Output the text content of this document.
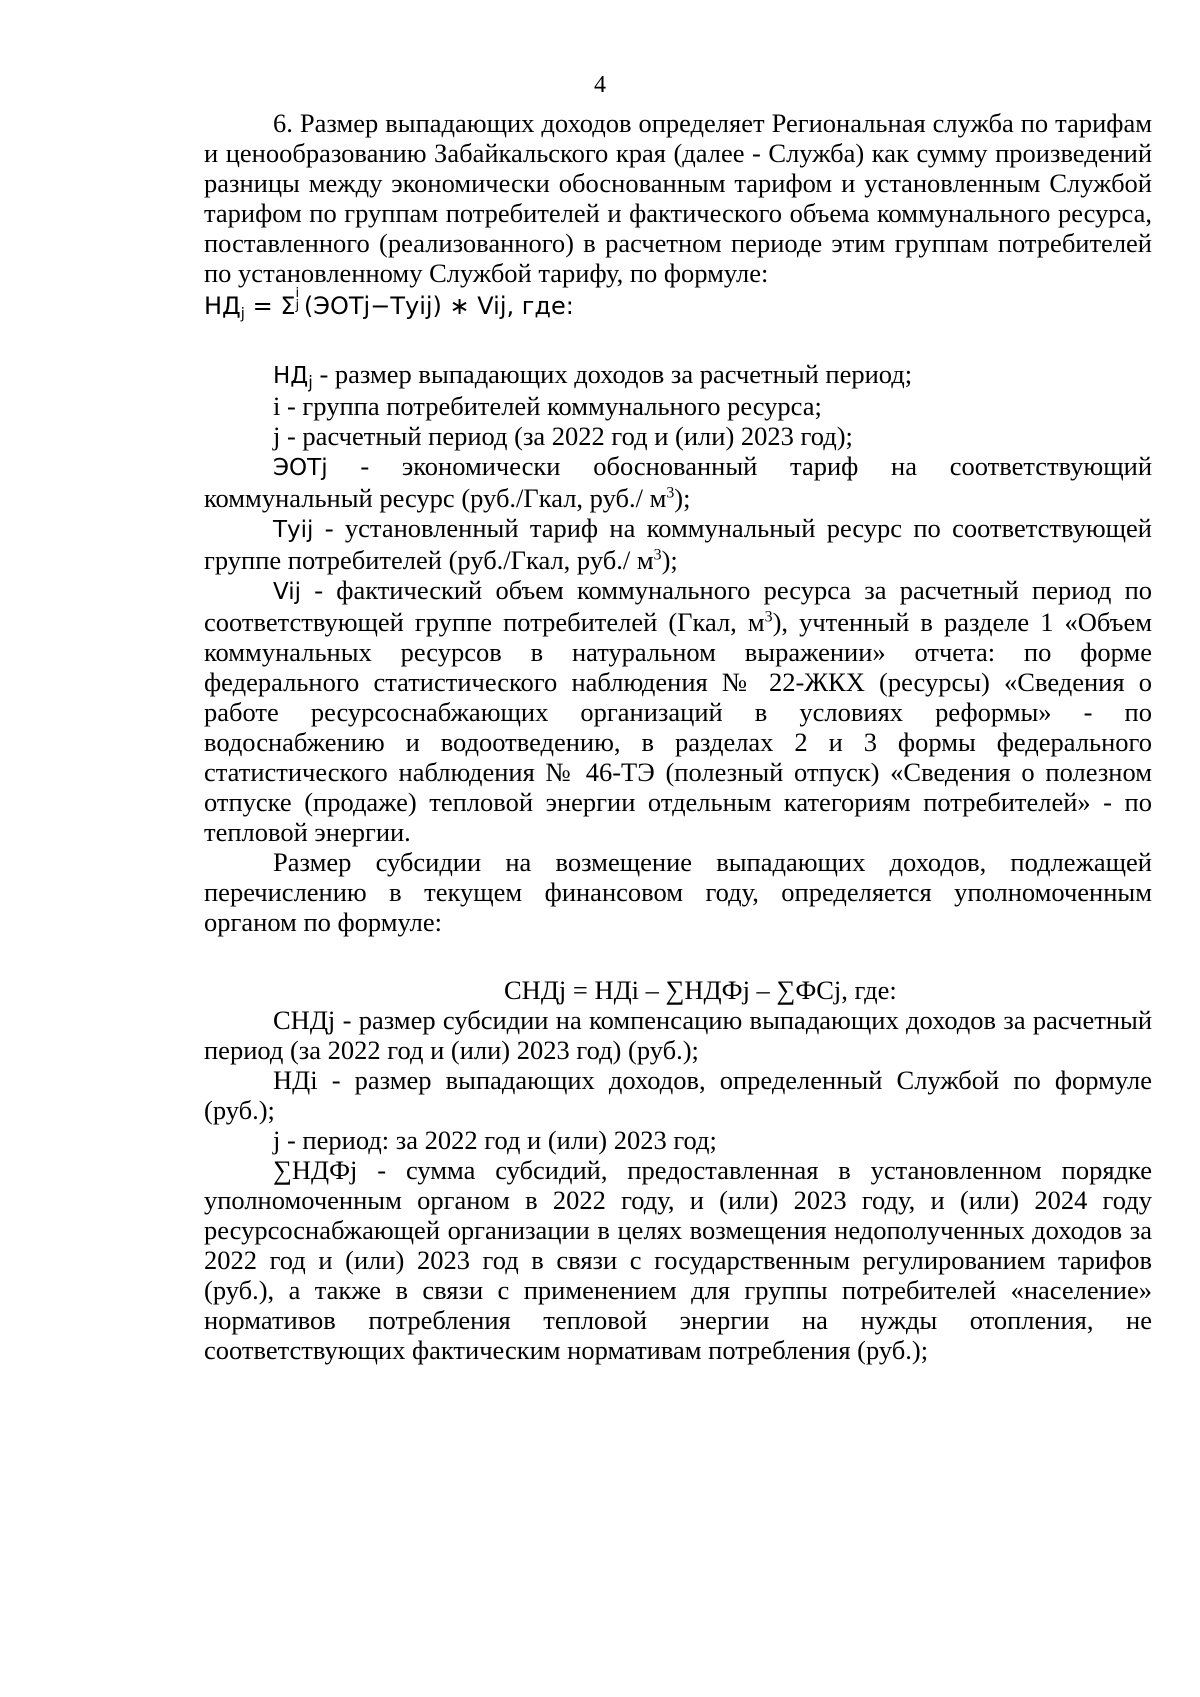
4

6. Размер выпадающих доходов определяет Региональная служба по тарифам и ценообразованию Забайкальского края (далее - Служба) как сумму произведений разницы между экономически обоснованным тарифом и установленным Службой тарифом по группам потребителей и фактического объема коммунального ресурса, поставленного (реализованного) в расчетном периоде этим группам потребителей по установленному Службой тарифу, по формуле:

$НД_j = \Sigma$ i
j (ЭОТj−Тyij) ∗ Vij, где:

$НД_j$ - размер выпадающих доходов за расчетный период;

i - группа потребителей коммунального ресурса;

j - расчетный период (за 2022 год и (или) 2023 год);

ЭОТj - экономически обоснованный тариф на соответствующий коммунальный ресурс (руб./Гкал, руб./ $м^3$);

Тyij - установленный тариф на коммунальный ресурс по соответствующей группе потребителей (руб./Гкал, руб./ $м^3$);

Vij - фактический объем коммунального ресурса за расчетный период по соответствующей группе потребителей (Гкал, $м^3$), учтенный в разделе 1 «Объем коммунальных ресурсов в натуральном выражении» отчета: по форме федерального статистического наблюдения № 22-ЖКХ (ресурсы) «Сведения о работе ресурсоснабжающих организаций в условиях реформы» - по водоснабжению и водоотведению, в разделах 2 и 3 формы федерального статистического наблюдения № 46-ТЭ (полезный отпуск) «Сведения о полезном отпуске (продаже) тепловой энергии отдельным категориям потребителей» - по тепловой энергии.

Размер субсидии на возмещение выпадающих доходов, подлежащей перечислению в текущем финансовом году, определяется уполномоченным органом по формуле:

СНДj = НДi – ∑НДФj – ∑ФСj, где:

СНДj - размер субсидии на компенсацию выпадающих доходов за расчетный период (за 2022 год и (или) 2023 год) (руб.);

НДi - размер выпадающих доходов, определенный Службой по формуле (руб.);

j - период: за 2022 год и (или) 2023 год;

∑НДФj - сумма субсидий, предоставленная в установленном порядке уполномоченным органом в 2022 году, и (или) 2023 году, и (или) 2024 году ресурсоснабжающей организации в целях возмещения недополученных доходов за 2022 год и (или) 2023 год в связи с государственным регулированием тарифов (руб.), а также в связи с применением для группы потребителей «население» нормативов потребления тепловой энергии на нужды отопления, не соответствующих фактическим нормативам потребления (руб.);
